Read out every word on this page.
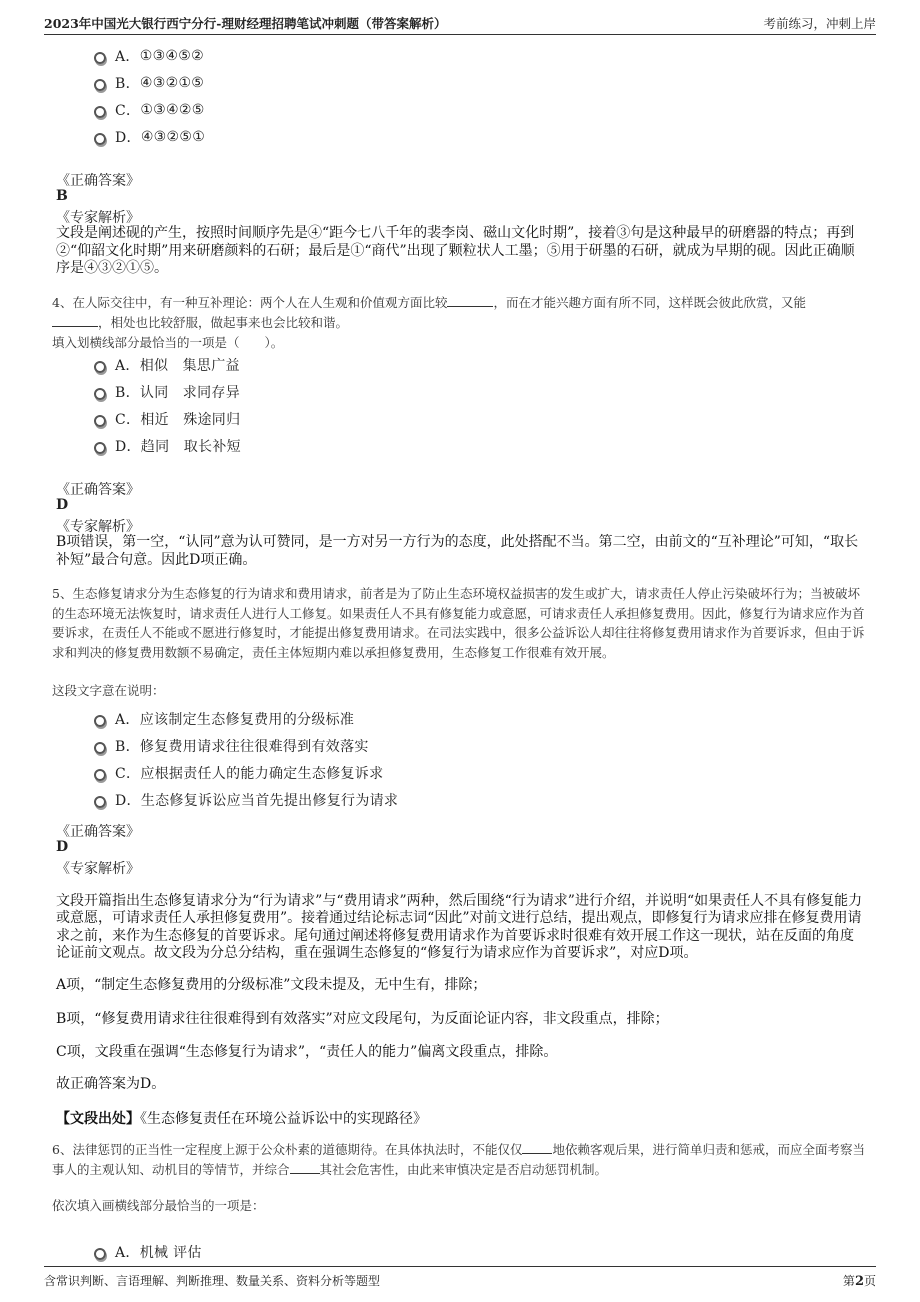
2023年中国光大银行西宁分行-理财经理招聘笔试冲刺题（带答案解析）	考前练习，冲刺上岸
A． ①③④⑤②
B． ④③②①⑤
C． ①③④②⑤
D． ④③②⑤①
《正确答案》
B
《专家解析》
文段是阐述砚的产生，按照时间顺序先是④“距今七八千年的裴李岗、磁山文化时期”，接着③句是这种最早的研磨器的特点；再到②“仰韶文化时期”用来研磨颜料的石研；最后是①“商代”出现了颗粒状人工墨；⑤用于研墨的石研，就成为早期的砚。因此正确顺序是④③②①⑤。
4、在人际交往中，有一种互补理论：两个人在人生观和价值观方面比较	，而在才能兴趣方面有所不同，这样既会彼此欣赏，又能
，相处也比较舒服，做起事来也会比较和谐。
填入划横线部分最恰当的一项是（　　）。
A． 相似　集思广益
B． 认同　求同存异
C． 相近　殊途同归
D． 趋同　取长补短
《正确答案》
D
《专家解析》
B项错误，第一空，“认同”意为认可赞同，是一方对另一方行为的态度，此处搭配不当。第二空，由前文的“互补理论”可知，“取长补短”最合句意。因此D项正确。
5、生态修复请求分为生态修复的行为请求和费用请求，前者是为了防止生态环境权益损害的发生或扩大，请求责任人停止污染破坏行为；当被破坏的生态环境无法恢复时，请求责任人进行人工修复。如果责任人不具有修复能力或意愿，可请求责任人承担修复费用。因此，修复行为请求应作为首要诉求，在责任人不能或不愿进行修复时，才能提出修复费用请求。在司法实践中，很多公益诉讼人却往往将修复费用请求作为首要诉求，但由于诉求和判决的修复费用数额不易确定，责任主体短期内难以承担修复费用，生态修复工作很难有效开展。
这段文字意在说明：
A． 应该制定生态修复费用的分级标准
B． 修复费用请求往往很难得到有效落实
C． 应根据责任人的能力确定生态修复诉求
D． 生态修复诉讼应当首先提出修复行为请求
《正确答案》
D
《专家解析》
文段开篇指出生态修复请求分为“行为请求”与“费用请求”两种，然后围绕“行为请求”进行介绍，并说明“如果责任人不具有修复能力或意愿，可请求责任人承担修复费用”。接着通过结论标志词“因此”对前文进行总结，提出观点，即修复行为请求应排在修复费用请求之前，来作为生态修复的首要诉求。尾句通过阐述将修复费用请求作为首要诉求时很难有效开展工作这一现状，站在反面的角度论证前文观点。故文段为分总分结构，重在强调生态修复的“修复行为请求应作为首要诉求”，对应D项。
A项，“制定生态修复费用的分级标准”文段未提及，无中生有，排除；
B项，“修复费用请求往往很难得到有效落实”对应文段尾句，为反面论证内容，非文段重点，排除；
C项，文段重在强调“生态修复行为请求”，“责任人的能力”偏离文段重点，排除。
故正确答案为D。
【文段出处】《生态修复责任在环境公益诉讼中的实现路径》
6、法律惩罚的正当性一定程度上源于公众朴素的道德期待。在具体执法时，不能仅仅 地依赖客观后果，进行简单归责和惩戒，而应全面考察当事人的主观认知、动机目的等情节，并综合 其社会危害性，由此来审慎决定是否启动惩罚机制。
依次填入画横线部分最恰当的一项是：
A． 机械 评估
含常识判断、言语理解、判断推理、数量关系、资料分析等题型	第2页
